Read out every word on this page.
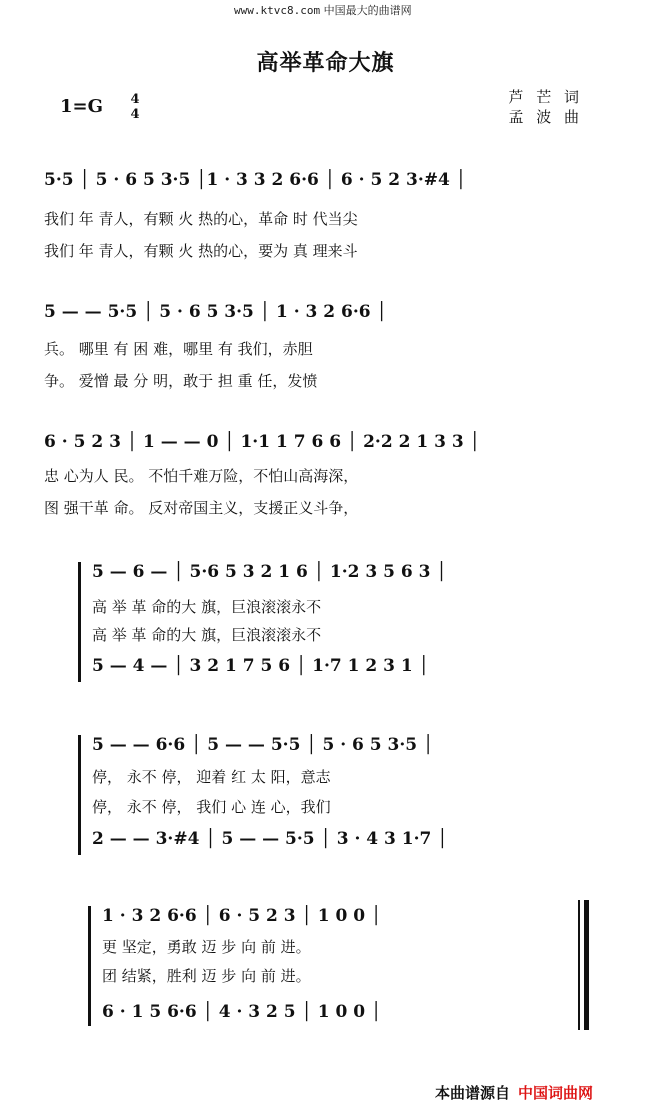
www.ktvc8.com 中国最大的曲谱网
高举革命大旗
1=G 4
4
芦 芒 词
孟 波 曲
5·5 │ 5 · 6 5 3·5 │1 · 3 3 2 6·6 │ 6 · 5 2 3·#4 │
我们 年 青人，有颗 火 热的心，革命 时 代当尖
我们 年 青人，有颗 火 热的心，要为 真 理来斗
5 — — 5·5 │ 5 · 6 5 3·5 │ 1 · 3 2 6·6 │
兵。 哪里 有 困 难，哪里 有 我们，赤胆
争。 爱憎 最 分 明，敢于 担 重 任，发愤
6 · 5 2 3 │ 1 — — 0 │ 1·1 1 7 6 6 │ 2·2 2 1 3 3 │
忠 心为人 民。 不怕千难万险，不怕山高海深，
图 强干革 命。 反对帝国主义，支援正义斗争，
5 — 6 — │ 5·6 5 3 2 1 6 │ 1·2 3 5 6 3 │
高 举 革 命的大 旗，巨浪滚滚永不
高 举 革 命的大 旗，巨浪滚滚永不
5 — 4 — │ 3 2 1 7 5 6 │ 1·7 1 2 3 1 │
5 — — 6·6 │ 5 — — 5·5 │ 5 · 6 5 3·5 │
停， 永不 停， 迎着 红 太 阳，意志
停， 永不 停， 我们 心 连 心，我们
2 — — 3·#4 │ 5 — — 5·5 │ 3 · 4 3 1·7 │
1 · 3 2 6·6 │ 6 · 5 2 3 │ 1 0 0 │
更 坚定，勇敢 迈 步 向 前 进。
团 结紧，胜利 迈 步 向 前 进。
6 · 1 5 6·6 │ 4 · 3 2 5 │ 1 0 0 │
本曲谱源自 中国词曲网
